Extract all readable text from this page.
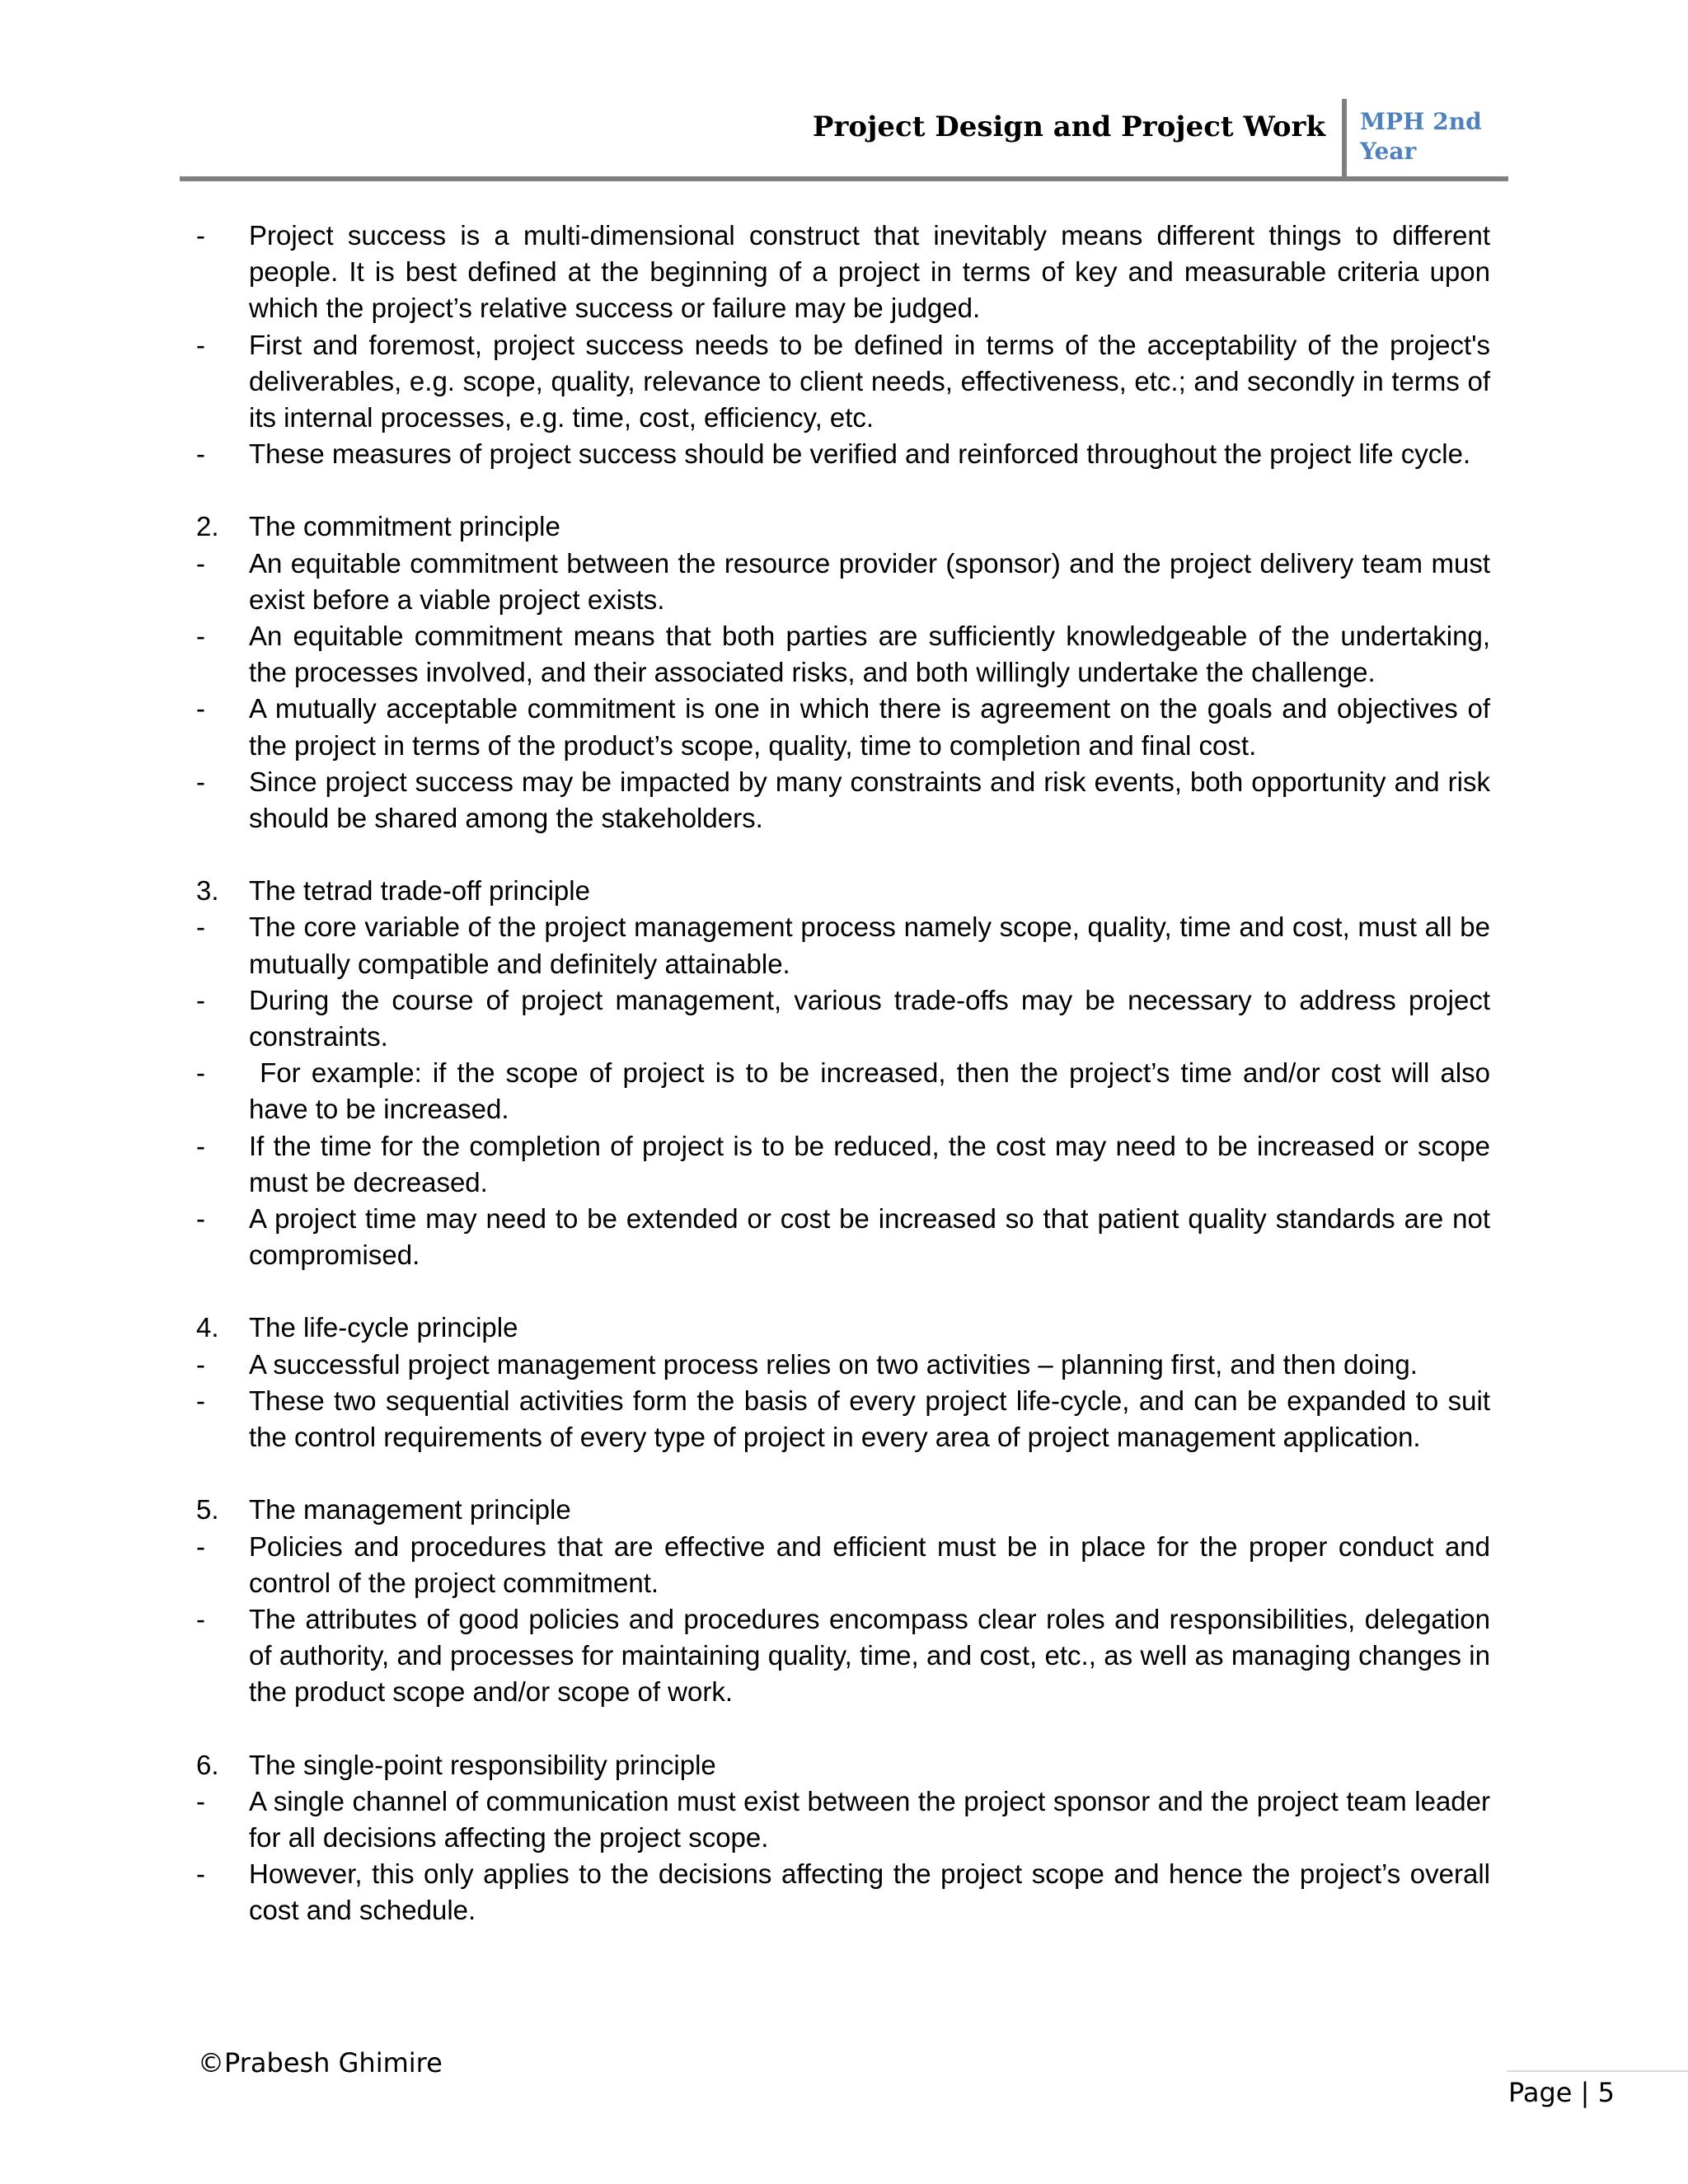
Project Design and Project Work MPH 2nd Year
-	Project success is a multi-dimensional construct that inevitably means different things to different people. It is best defined at the beginning of a project in terms of key and measurable criteria upon which the project’s relative success or failure may be judged.
-	First and foremost, project success needs to be defined in terms of the acceptability of the project's deliverables, e.g. scope, quality, relevance to client needs, effectiveness, etc.; and secondly in terms of its internal processes, e.g. time, cost, efficiency, etc.
-	These measures of project success should be verified and reinforced throughout the project life cycle.
2.	The commitment principle
-	An equitable commitment between the resource provider (sponsor) and the project delivery team must exist before a viable project exists.
-	An equitable commitment means that both parties are sufficiently knowledgeable of the undertaking, the processes involved, and their associated risks, and both willingly undertake the challenge.
-	A mutually acceptable commitment is one in which there is agreement on the goals and objectives of the project in terms of the product’s scope, quality, time to completion and final cost.
-	Since project success may be impacted by many constraints and risk events, both opportunity and risk should be shared among the stakeholders.
3.	The tetrad trade-off principle
-	The core variable of the project management process namely scope, quality, time and cost, must all be mutually compatible and definitely attainable.
-	During the course of project management, various trade-offs may be necessary to address project constraints.
-	For example: if the scope of project is to be increased, then the project’s time and/or cost will also have to be increased.
-	If the time for the completion of project is to be reduced, the cost may need to be increased or scope must be decreased.
-	A project time may need to be extended or cost be increased so that patient quality standards are not compromised.
4.	The life-cycle principle
-	A successful project management process relies on two activities – planning first, and then doing.
-	These two sequential activities form the basis of every project life-cycle, and can be expanded to suit the control requirements of every type of project in every area of project management application.
5.	The management principle
-	Policies and procedures that are effective and efficient must be in place for the proper conduct and control of the project commitment.
-	The attributes of good policies and procedures encompass clear roles and responsibilities, delegation of authority, and processes for maintaining quality, time, and cost, etc., as well as managing changes in the product scope and/or scope of work.
6.	The single-point responsibility principle
-	A single channel of communication must exist between the project sponsor and the project team leader for all decisions affecting the project scope.
-	However, this only applies to the decisions affecting the project scope and hence the project’s overall cost and schedule.
©Prabesh Ghimire
Page | 5
